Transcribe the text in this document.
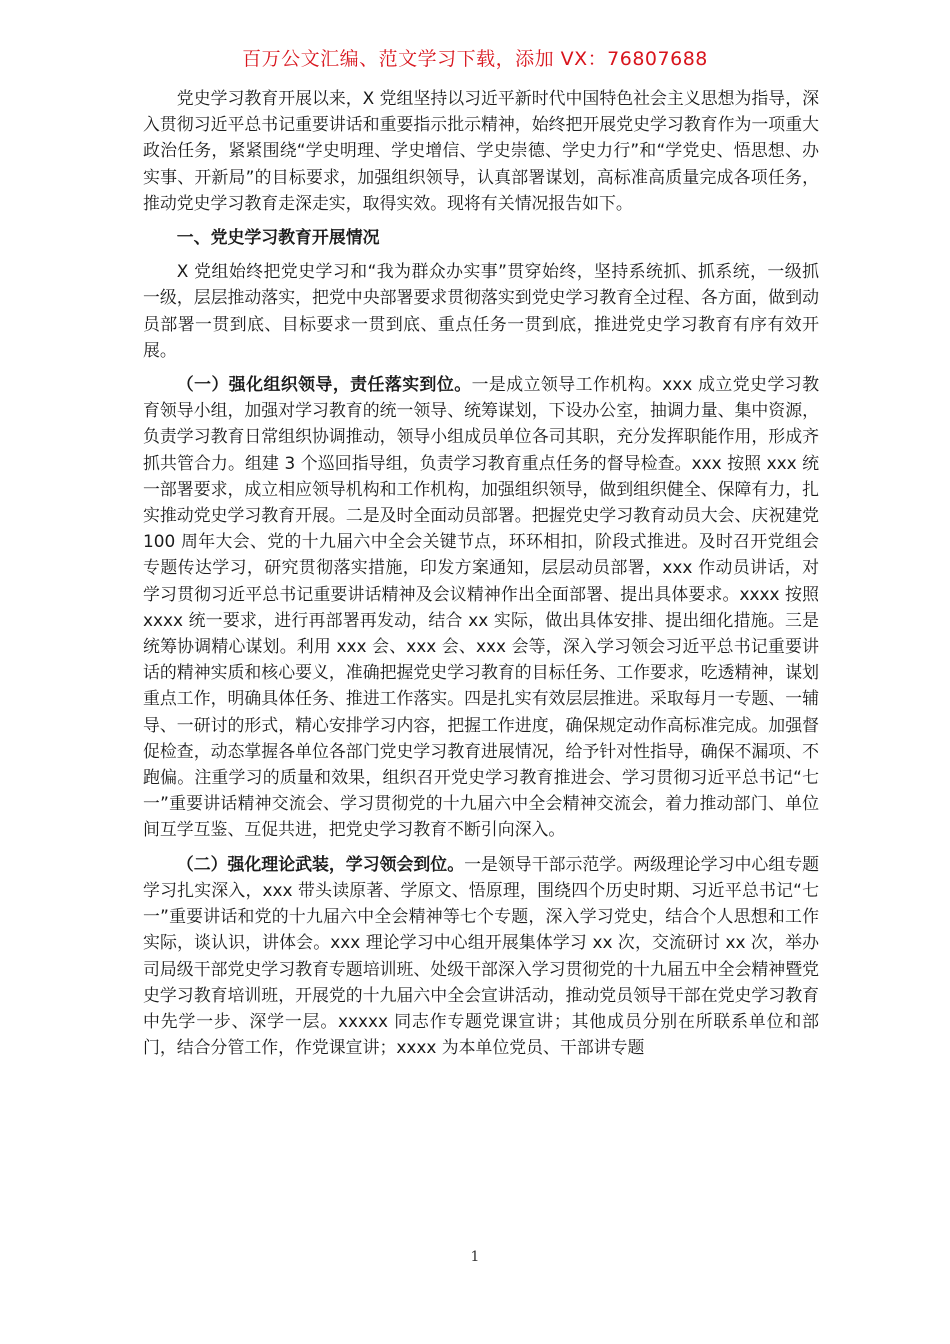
百万公文汇编、范文学习下载，添加 VX：76807688

党史学习教育开展以来，X 党组坚持以习近平新时代中国特色社会主义思想为指导，深入贯彻习近平总书记重要讲话和重要指示批示精神，始终把开展党史学习教育作为一项重大政治任务，紧紧围绕“学史明理、学史增信、学史崇德、学史力行”和“学党史、悟思想、办实事、开新局”的目标要求，加强组织领导，认真部署谋划，高标准高质量完成各项任务，推动党史学习教育走深走实，取得实效。现将有关情况报告如下。

一、党史学习教育开展情况

X 党组始终把党史学习和“我为群众办实事”贯穿始终，坚持系统抓、抓系统，一级抓一级，层层推动落实，把党中央部署要求贯彻落实到党史学习教育全过程、各方面，做到动员部署一贯到底、目标要求一贯到底、重点任务一贯到底，推进党史学习教育有序有效开展。

（一）强化组织领导，责任落实到位。一是成立领导工作机构。xxx 成立党史学习教育领导小组，加强对学习教育的统一领导、统筹谋划，下设办公室，抽调力量、集中资源，负责学习教育日常组织协调推动，领导小组成员单位各司其职，充分发挥职能作用，形成齐抓共管合力。组建 3 个巡回指导组，负责学习教育重点任务的督导检查。xxx 按照 xxx 统一部署要求，成立相应领导机构和工作机构，加强组织领导，做到组织健全、保障有力，扎实推动党史学习教育开展。二是及时全面动员部署。把握党史学习教育动员大会、庆祝建党 100 周年大会、党的十九届六中全会关键节点，环环相扣，阶段式推进。及时召开党组会专题传达学习，研究贯彻落实措施，印发方案通知，层层动员部署，xxx 作动员讲话，对学习贯彻习近平总书记重要讲话精神及会议精神作出全面部署、提出具体要求。xxxx 按照 xxxx 统一要求，进行再部署再发动，结合 xx 实际，做出具体安排、提出细化措施。三是统筹协调精心谋划。利用 xxx 会、xxx 会、xxx 会等，深入学习领会习近平总书记重要讲话的精神实质和核心要义，准确把握党史学习教育的目标任务、工作要求，吃透精神，谋划重点工作，明确具体任务、推进工作落实。四是扎实有效层层推进。采取每月一专题、一辅导、一研讨的形式，精心安排学习内容，把握工作进度，确保规定动作高标准完成。加强督促检查，动态掌握各单位各部门党史学习教育进展情况，给予针对性指导，确保不漏项、不跑偏。注重学习的质量和效果，组织召开党史学习教育推进会、学习贯彻习近平总书记“七一”重要讲话精神交流会、学习贯彻党的十九届六中全会精神交流会，着力推动部门、单位间互学互鉴、互促共进，把党史学习教育不断引向深入。

（二）强化理论武装，学习领会到位。一是领导干部示范学。两级理论学习中心组专题学习扎实深入，xxx 带头读原著、学原文、悟原理，围绕四个历史时期、习近平总书记“七一”重要讲话和党的十九届六中全会精神等七个专题，深入学习党史，结合个人思想和工作实际，谈认识，讲体会。xxx 理论学习中心组开展集体学习 xx 次，交流研讨 xx 次，举办司局级干部党史学习教育专题培训班、处级干部深入学习贯彻党的十九届五中全会精神暨党史学习教育培训班，开展党的十九届六中全会宣讲活动，推动党员领导干部在党史学习教育中先学一步、深学一层。xxxxx 同志作专题党课宣讲；其他成员分别在所联系单位和部门，结合分管工作，作党课宣讲；xxxx 为本单位党员、干部讲专题

1
